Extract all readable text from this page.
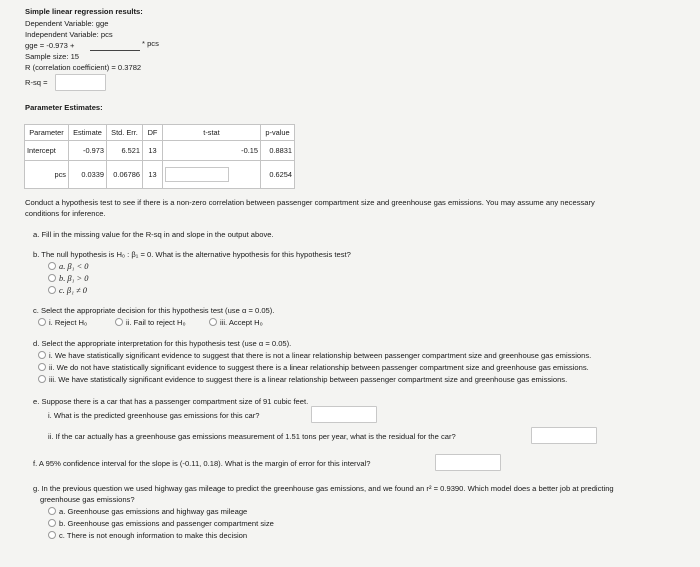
Simple linear regression results:
Dependent Variable: gge
Independent Variable: pcs
gge = -0.973 +	* pcs
Sample size: 15
R (correlation coefficient) = 0.3782
R-sq =
Parameter Estimates:
Parameter	Estimate	Std. Err.	DF	t-stat	p-value
Intercept	-0.973	6.521	13	-0.15	0.8831
pcs	0.0339	0.06786	13		0.6254
Conduct a hypothesis test to see if there is a non-zero correlation between passenger compartment size and greenhouse gas emissions. You may assume any necessary
conditions for inference.
a. Fill in the missing value for the R-sq in and slope in the output above.
b. The null hypothesis is H₀ : β₁ = 0. What is the alternative hypothesis for this hypothesis test?
a. β₁ < 0
b. β₁ > 0
c. β₁ ≠ 0
c. Select the appropriate decision for this hypothesis test (use α = 0.05).
i. Reject H₀	ii. Fail to reject H₀	iii. Accept H₀
d. Select the appropriate interpretation for this hypothesis test (use α = 0.05).
i. We have statistically significant evidence to suggest that there is not a linear relationship between passenger compartment size and greenhouse gas emissions.
ii. We do not have statistically significant evidence to suggest there is a linear relationship between passenger compartment size and greenhouse gas emissions.
iii. We have statistically significant evidence to suggest there is a linear relationship between passenger compartment size and greenhouse gas emissions.
e. Suppose there is a car that has a passenger compartment size of 91 cubic feet.
i. What is the predicted greenhouse gas emissions for this car?
ii. If the car actually has a greenhouse gas emissions measurement of 1.51 tons per year, what is the residual for the car?
f. A 95% confidence interval for the slope is (-0.11, 0.18). What is the margin of error for this interval?
g. In the previous question we used highway gas mileage to predict the greenhouse gas emissions, and we found an r² = 0.9390. Which model does a better job at predicting
greenhouse gas emissions?
a. Greenhouse gas emissions and highway gas mileage
b. Greenhouse gas emissions and passenger compartment size
c. There is not enough information to make this decision
